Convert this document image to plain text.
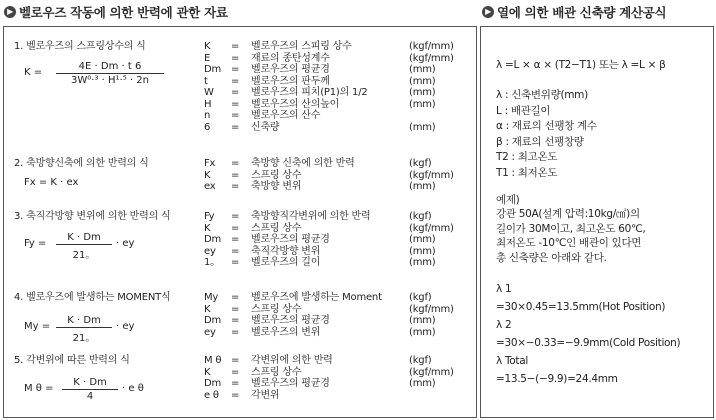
▶ 벨로우즈 작동에 의한 반력에 관한 자료	▶ 열에 의한 배관 신축량 계산공식
1. 벨로우즈의 스프링상수의 식
K =
4E · Dm · t 6
3W⁰·³ · H¹·⁵ · 2n
K = 벨로우즈의 스피링 상수	(kgf/mm)
E = 재료의 종탄성계수	(kgf/mm)
Dm = 벨로우즈의 평균경	(mm)
t = 벨로우즈의 판두께	(mm)
W = 벨로우즈의 피치(P1)의 1/2	(mm)
H = 벨로우즈의 산의높이	(mm)
n = 벨로우즈의 산수
6 = 신축량	(mm)
2. 축방향신축에 의한 반력의 식
Fx = K · ex
Fx = 축방향 신축에 의한 반력	(kgf)
K = 스프링 상수	(kgf/mm)
ex = 축방향 변위	(mm)
3. 축직각방향 변위에 의한 반력의 식
Fy =
K · Dm
21。
· ey
Fy = 축방향직각변위에 의한 반력	(kgf)
K = 스프링 상수	(kgf/mm)
Dm = 벨로우즈의 평균경	(mm)
ey = 축직각방향 변위	(mm)
1。 = 벨로우즈의 길이	(mm)
4. 벨로우즈에 발생하는 MOMENT식
My =
K · Dm
21。
· ey
My = 벨로우즈에 발생하는 Moment	(kgf)
K = 스프링 상수	(kgf/mm)
Dm = 벨로우즈의 평균경	(mm)
ey = 벨로우즈의 변위	(mm)
5. 각변위에 따른 반력의 식
M θ =
K · Dm
4
· e θ
M θ = 각변위에 의한 반력	(kgf)
K = 스프링 상수	(kgf/mm)
Dm = 벨로우즈의 평균경	(mm)
e θ = 각변위
λ =L × α × (T2−T1) 또는 λ =L × β
λ : 신축변위량(mm)
L : 배관길이
α : 재료의 선팽창 계수
β : 재료의 선팽창량
T2 : 최고온도
T1 : 최저온도
예제)
강관 50A(설계 압력:10kg/㎠)의
길이가 30M이고, 최고온도 60℃,
최저온도 -10℃인 배관이 있다면
총 신축량은 아래와 같다.
λ 1
=30×0.45=13.5mm(Hot Position)
λ 2
=30×−0.33=−9.9mm(Cold Position)
λ Total
=13.5−(−9.9)=24.4mm
